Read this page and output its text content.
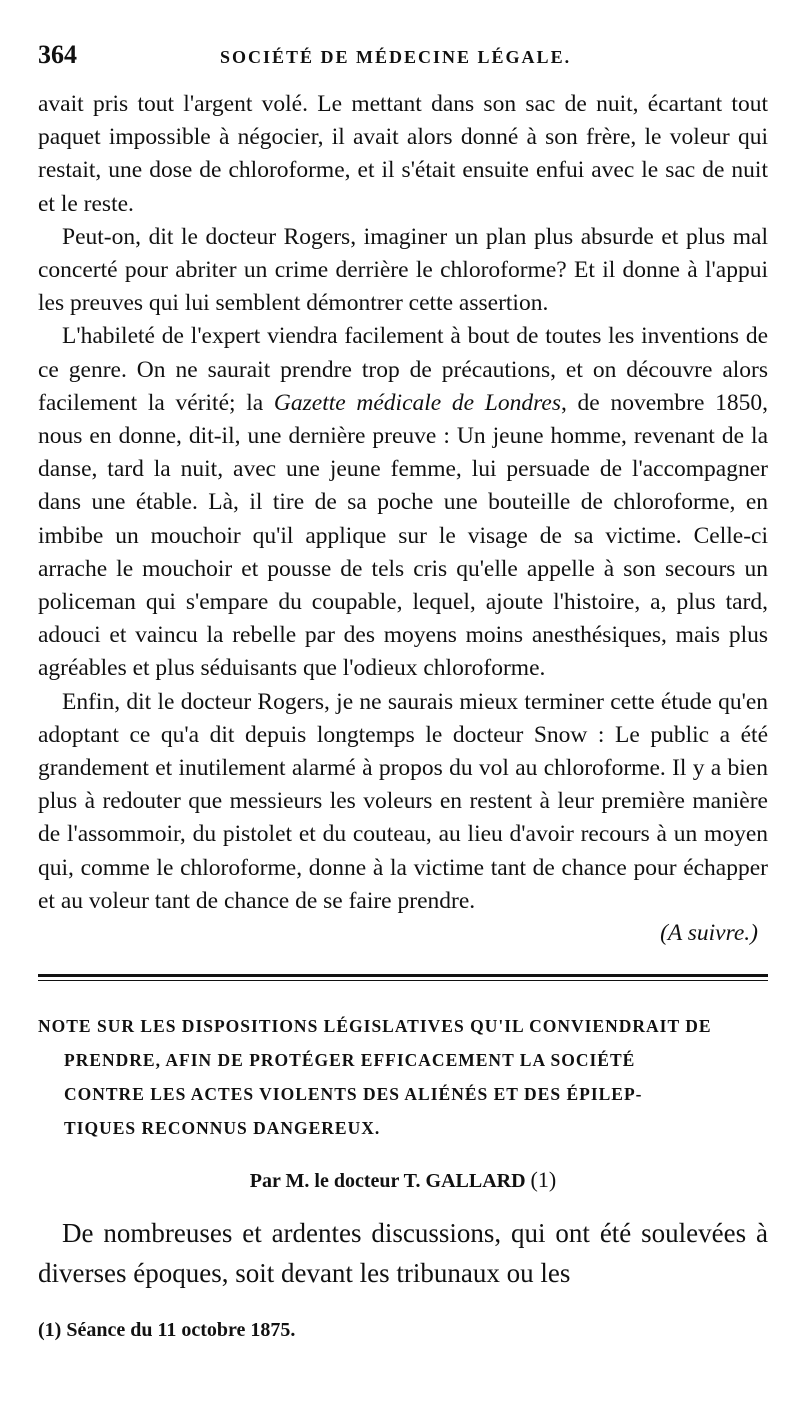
364	SOCIÉTÉ DE MÉDECINE LÉGALE.

avait pris tout l'argent volé. Le mettant dans son sac de nuit, écartant tout paquet impossible à négocier, il avait alors donné à son frère, le voleur qui restait, une dose de chloroforme, et il s'était ensuite enfui avec le sac de nuit et le reste.

Peut-on, dit le docteur Rogers, imaginer un plan plus absurde et plus mal concerté pour abriter un crime derrière le chloroforme? Et il donne à l'appui les preuves qui lui semblent démontrer cette assertion.

L'habileté de l'expert viendra facilement à bout de toutes les inventions de ce genre. On ne saurait prendre trop de précautions, et on découvre alors facilement la vérité; la Gazette médicale de Londres, de novembre 1850, nous en donne, dit-il, une dernière preuve : Un jeune homme, revenant de la danse, tard la nuit, avec une jeune femme, lui persuade de l'accompagner dans une étable. Là, il tire de sa poche une bouteille de chloroforme, en imbibe un mouchoir qu'il applique sur le visage de sa victime. Celle-ci arrache le mouchoir et pousse de tels cris qu'elle appelle à son secours un policeman qui s'empare du coupable, lequel, ajoute l'histoire, a, plus tard, adouci et vaincu la rebelle par des moyens moins anesthésiques, mais plus agréables et plus séduisants que l'odieux chloroforme.

Enfin, dit le docteur Rogers, je ne saurais mieux terminer cette étude qu'en adoptant ce qu'a dit depuis longtemps le docteur Snow : Le public a été grandement et inutilement alarmé à propos du vol au chloroforme. Il y a bien plus à redouter que messieurs les voleurs en restent à leur première manière de l'assommoir, du pistolet et du couteau, au lieu d'avoir recours à un moyen qui, comme le chloroforme, donne à la victime tant de chance pour échapper et au voleur tant de chance de se faire prendre.

(A suivre.)
NOTE SUR LES DISPOSITIONS LÉGISLATIVES QU'IL CONVIENDRAIT DE
PRENDRE, AFIN DE PROTÉGER EFFICACEMENT LA SOCIÉTÉ
CONTRE LES ACTES VIOLENTS DES ALIÉNÉS ET DES ÉPILEP-
TIQUES RECONNUS DANGEREUX.
Par M. le docteur T. GALLARD (1)
De nombreuses et ardentes discussions, qui ont été soulevées à diverses époques, soit devant les tribunaux ou les
(1) Séance du 11 octobre 1875.
